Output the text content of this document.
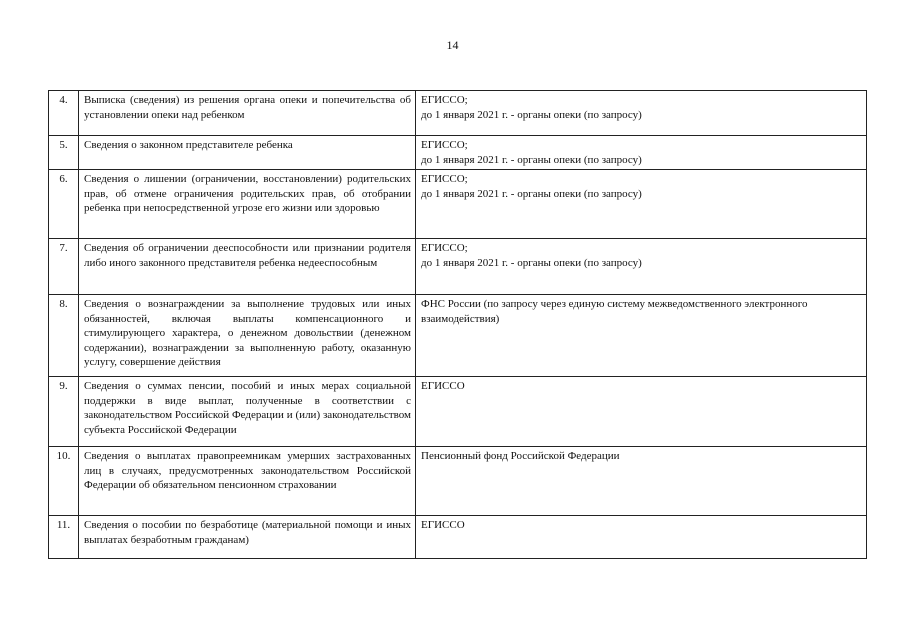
14
4.	Выписка (сведения) из решения органа опеки и попечительства об установлении опеки над ребенком	ЕГИССО;
до 1 января 2021 г. - органы опеки (по запросу)

5.	Сведения о законном представителе ребенка	ЕГИССО;
до 1 января 2021 г. - органы опеки (по запросу)

6.	Сведения о лишении (ограничении, восстановлении) родительских прав, об отмене ограничения родительских прав, об отобрании ребенка при непосредственной угрозе его жизни или здоровью	ЕГИССО;
до 1 января 2021 г. - органы опеки (по запросу)

7.	Сведения об ограничении дееспособности или признании родителя либо иного законного представителя ребенка недееспособным	ЕГИССО;
до 1 января 2021 г. - органы опеки (по запросу)

8.	Сведения о вознаграждении за выполнение трудовых или иных обязанностей, включая выплаты компенсационного и стимулирующего характера, о денежном довольствии (денежном содержании), вознаграждении за выполненную работу, оказанную услугу, совершение действия	ФНС России (по запросу через единую систему межведомственного электронного взаимодействия)

9.	Сведения о суммах пенсии, пособий и иных мерах социальной поддержки в виде выплат, полученные в соответствии с законодательством Российской Федерации и (или) законодательством субъекта Российской Федерации	ЕГИССО

10.	Сведения о выплатах правопреемникам умерших застрахованных лиц в случаях, предусмотренных законодательством Российской Федерации об обязательном пенсионном страховании	Пенсионный фонд Российской Федерации

11.	Сведения о пособии по безработице (материальной помощи и иных выплатах безработным гражданам)	ЕГИССО
